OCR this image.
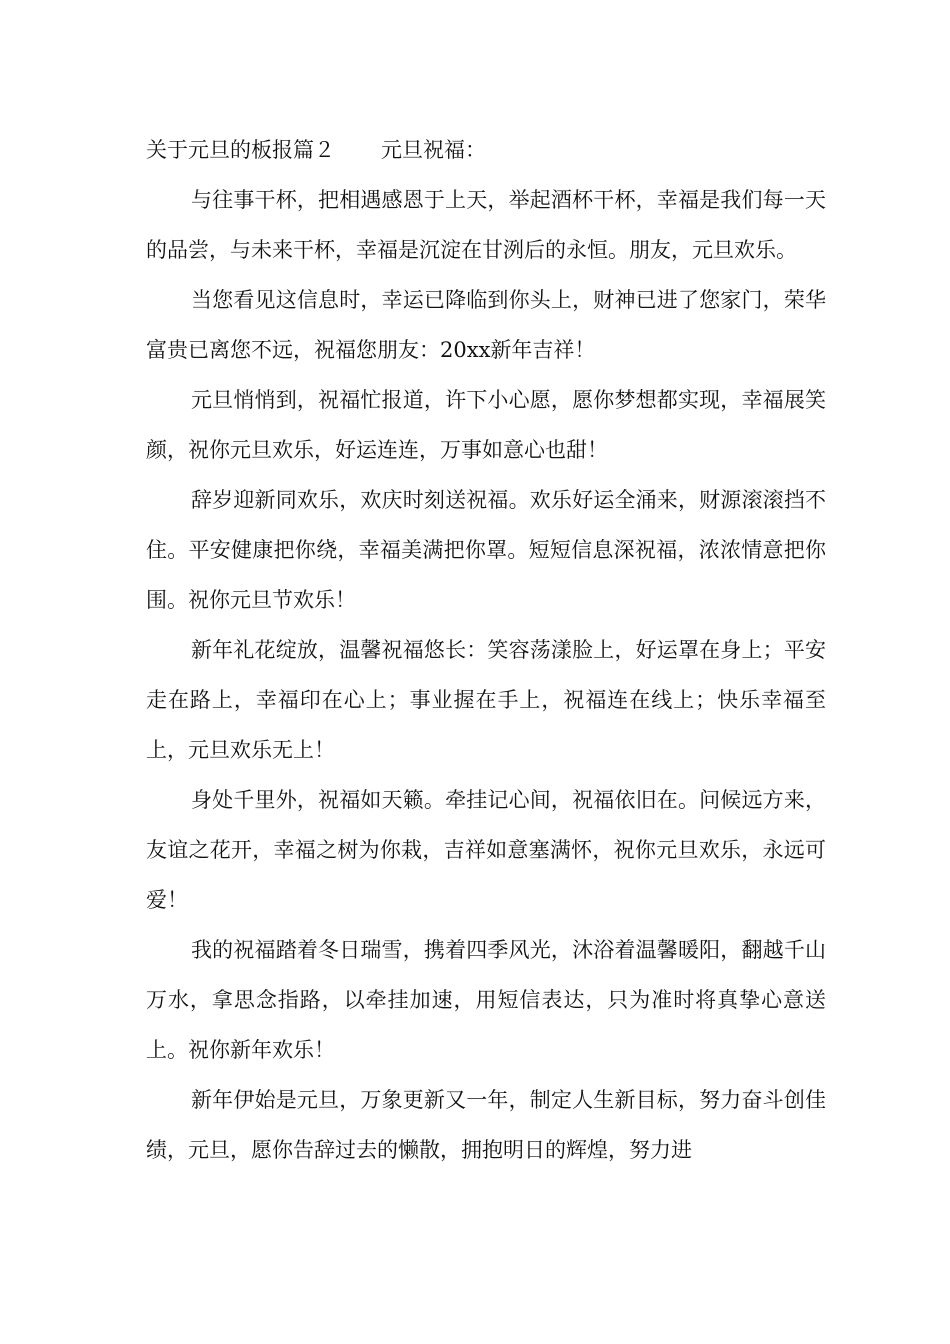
关于元旦的板报篇２ 元旦祝福：

与往事干杯，把相遇感恩于上天，举起酒杯干杯，幸福是我们每一天的品尝，与未来干杯，幸福是沉淀在甘洌后的永恒。朋友，元旦欢乐。

当您看见这信息时，幸运已降临到你头上，财神已进了您家门，荣华富贵已离您不远，祝福您朋友：20xx新年吉祥！

元旦悄悄到，祝福忙报道，许下小心愿，愿你梦想都实现，幸福展笑颜，祝你元旦欢乐，好运连连，万事如意心也甜！

辞岁迎新同欢乐，欢庆时刻送祝福。欢乐好运全涌来，财源滚滚挡不住。平安健康把你绕，幸福美满把你罩。短短信息深祝福，浓浓情意把你围。祝你元旦节欢乐！

新年礼花绽放，温馨祝福悠长：笑容荡漾脸上，好运罩在身上；平安走在路上，幸福印在心上；事业握在手上，祝福连在线上；快乐幸福至上，元旦欢乐无上！

身处千里外，祝福如天籁。牵挂记心间，祝福依旧在。问候远方来，友谊之花开，幸福之树为你栽，吉祥如意塞满怀，祝你元旦欢乐，永远可爱！

我的祝福踏着冬日瑞雪，携着四季风光，沐浴着温馨暖阳，翻越千山万水，拿思念指路，以牵挂加速，用短信表达，只为准时将真挚心意送上。祝你新年欢乐！

新年伊始是元旦，万象更新又一年，制定人生新目标，努力奋斗创佳绩，元旦，愿你告辞过去的懒散，拥抱明日的辉煌，努力进
